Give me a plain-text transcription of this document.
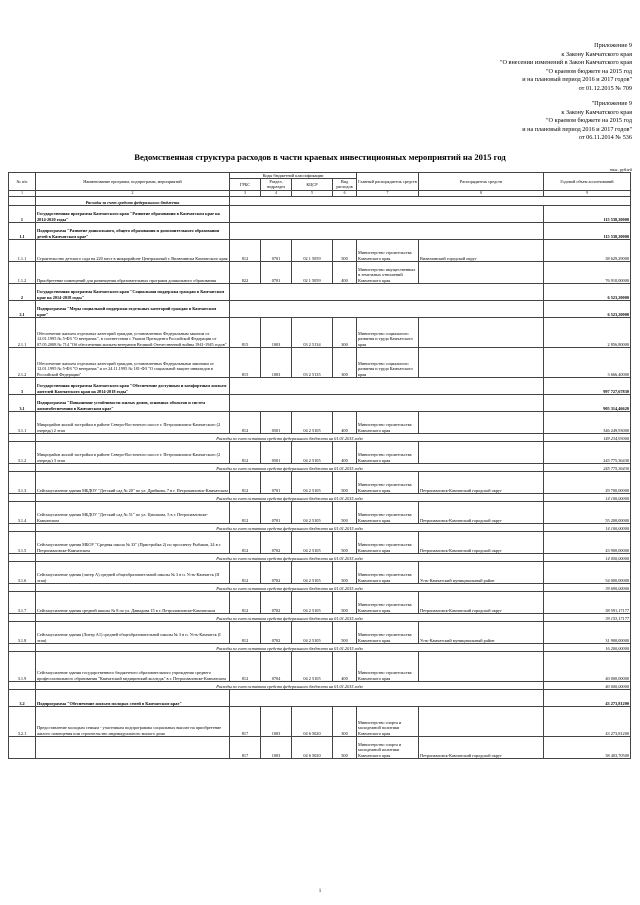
Приложение 9
к Закону Камчатского края
"О внесении изменений в Закон Камчатского края
"О краевом бюджете на 2015 год
и на плановый период 2016 и 2017 годов"
от 01.12.2015 № 709
"Приложение 9
к Закону Камчатского края
"О краевом бюджете на 2015 год
и на плановый период 2016 и 2017 годов"
от 06.11.2014 № 536
Ведомственная структура расходов в части краевых инвестиционных мероприятий на 2015 год
тыс. рублей
№ п/п	Наименование программ, подпрограмм, мероприятий	Коды бюджетной классификации				Главный распорядитель средств	Распорядитель средств	Годовой объем ассигнований
		ГРБС	Раздел, подраздел	КЦСР	Вид расходов			
1	2	3	4	5	6	7	8	9
	Расходы за счет средств федерального бюджета							
1	Государственная программа Камчатского края "Развитие образования в Камчатском крае на 2014-2020 годы"							115 538,20000
1.1	Подпрограмма "Развитие дошкольного, общего образования и дополнительного образования детей в Камчатском крае"							115 538,20000
1.1.1	Строительство детского сада на 220 мест в микрорайоне Центральный г. Вилючинска Камчатского края	812	0701	02 1 5059	500	Министерство строительства Камчатского края	Вилючинский городской округ	38 629,29000
1.1.2	Приобретение помещений для размещения образовательных программ дошкольного образования	822	0701	02 1 5059	400	Министерство имущественных и земельных отношений Камчатского края		76 910,00000
2	Государственная программа Камчатского края "Социальная поддержка граждан в Камчатском крае на 2014-2018 годы"							6 523,20000
2.1	Подпрограмма "Меры социальной поддержки отдельных категорий граждан в Камчатском крае"							6 523,20000
2.1.1	Обеспечение жильем отдельных категорий граждан, установленных Федеральным законом от 12.01.1995 № 5-ФЗ "О ветеранах", в соответствии с Указом Президента Российской Федерации от 07.05.2008 № 714 "Об обеспечении жильем ветеранов Великой Отечественной войны 1941-1945 годов"	815	1003	03 2 5134	300	Министерство социального развития и труда Камчатского края		2 856,80000
2.1.2	Обеспечение жильем отдельных категорий граждан, установленных Федеральными законами от 12.01.1995 № 5-ФЗ "О ветеранах" и от 24.11.1995 № 181-ФЗ "О социальной защите инвалидов в Российской Федерации"	815	1003	03 2 5135	300	Министерство социального развития и труда Камчатского края		3 666,40000
3	Государственная программа Камчатского края "Обеспечение доступным и комфортным жильем жителей Камчатского края на 2014-2018 годы"							997 727,67830
3.1	Подпрограмма "Повышение устойчивости жилых домов, основных объектов и систем жизнеобеспечения в Камчатском крае"							905 314,46620
3.1.1	Микрорайон жилой застройки в районе Северо-Восточного шоссе г. Петропавловск-Камчатского (2 очередь) 2 этап	812	0501	04 2 5105	400	Министерство строительства Камчатского края		346 249,93000
	Расходы за счет остатков средств федерального бюджета на 01.01.2015 года							149 234,93000
3.1.2	Микрорайон жилой застройки в районе Северо-Восточного шоссе г. Петропавловск-Камчатского (2 очередь) 3 этап	812	0501	04 2 5105	400	Министерство строительства Камчатского края		245 775,36430
	Расходы за счет остатков средств федерального бюджета на 01.01.2015 года							245 775,36430
3.1.3	Сейсмоусиление здания МБДОУ "Детский сад № 20" по ул. Дрейкова, 7 в г. Петропавловск-Камчатском	812	0701	04 2 5105	500	Министерство строительства Камчатского края	Петропавловск-Камчатский городской округ	29 700,00000
	Расходы за счет остатков средств федерального бюджета на 01.01.2015 года							14 100,00000
3.1.4	Сейсмоусиление здания МБДОУ "Детский сад № 51" по ул. Циолкова, 5 в г. Петропавловске-Камчатском	812	0701	04 2 5105	500	Министерство строительства Камчатского края	Петропавловск-Камчатский городской округ	55 200,00000
	Расходы за счет остатков средств федерального бюджета на 01.01.2015 года							14 100,00000
3.1.5	Сейсмоусиление здания МБОУ "Средняя школа № 33" (Пристройка 2) по проспекту Рыбаков, 24 в г. Петропавловске-Камчатском	812	0702	04 2 5105	500	Министерство строительства Камчатского края	Петропавловск-Камчатский городской округ	43 900,00000
	Расходы за счет остатков средств федерального бюджета на 01.01.2015 года							14 050,00000
3.1.6	Сейсмоусиление здания (литер А) средней общеобразовательной школы № 3 в п. Усть-Камчатск (II этап)	812	0702	04 2 5105	500	Министерство строительства Камчатского края	Усть-Камчатский муниципальный район	54 000,00000
	Расходы за счет остатков средств федерального бюджета на 01.01.2015 года							39 690,00000
3.1.7	Сейсмоусиление здания средней школы № 8 по ул. Давыдова 15 в г. Петропавловске-Камчатском	812	0702	04 2 5105	500	Министерство строительства Камчатского края	Петропавловск-Камчатский городской округ	38 591,17177
	Расходы за счет остатков средств федерального бюджета на 01.01.2015 года							39 153,17177
3.1.8	Сейсмоусиление здания (Литер А1) средней общеобразовательной школы № 3 в п. Усть-Камчатск (I этап)	812	0702	04 2 5105	500	Министерство строительства Камчатского края	Усть-Камчатский муниципальный район	31 900,00000
	Расходы за счет остатков средств федерального бюджета на 01.01.2015 года							16 200,00000
3.1.9	Сейсмоусиление здания государственного бюджетного образовательного учреждения среднего профессионального образования "Камчатский медицинский колледж" в г. Петропавловске-Камчатском	812	0704	04 2 5105	400	Министерство строительства Камчатского края		40 000,00000
	Расходы за счет остатков средств федерального бюджета на 01.01.2015 года							40 000,00000
3.2	Подпрограмма "Обеспечение жильем молодых семей в Камчатском крае"							43 273,81200
3.2.1	Предоставление молодым семьям - участникам подпрограммы социальных выплат на приобретение жилого помещения или строительство индивидуального жилого дома	817	1003	04 6 5020	300	Министерство спорта и молодежной политики Камчатского края		43 273,81200
		817	1003	04 6 5020	500	Министерство спорта и молодежной политики Камчатского края	Петропавловск-Камчатский городской округ	38 403,70500
1
